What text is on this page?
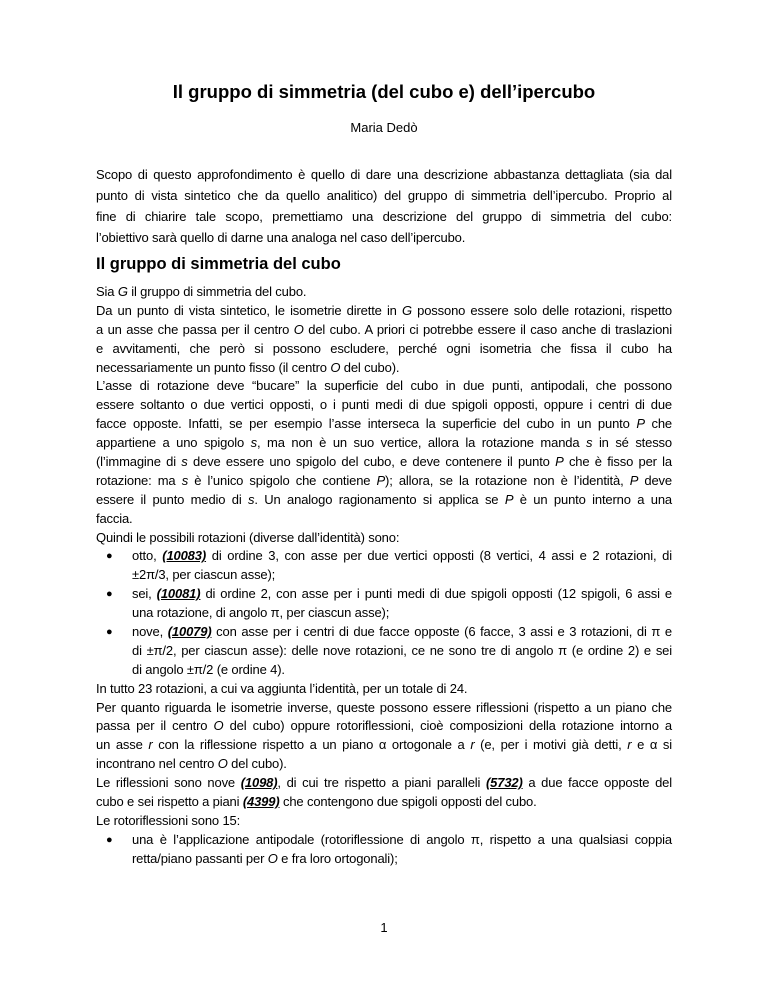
Il gruppo di simmetria (del cubo e) dell’ipercubo
Maria Dedò
Scopo di questo approfondimento è quello di dare una descrizione abbastanza dettagliata (sia dal
punto di vista sintetico che da quello analitico) del gruppo di simmetria dell’ipercubo. Proprio al
fine di chiarire tale scopo, premettiamo una descrizione del gruppo di simmetria del cubo:
l’obiettivo sarà quello di darne una analoga nel caso dell’ipercubo.
Il gruppo di simmetria del cubo
Sia G il gruppo di simmetria del cubo.
Da un punto di vista sintetico, le isometrie dirette in G possono essere solo delle rotazioni, rispetto
a un asse che passa per il centro O del cubo. A priori ci potrebbe essere il caso anche di traslazioni
e avvitamenti, che però si possono escludere, perché ogni isometria che fissa il cubo ha
necessariamente un punto fisso (il centro O del cubo).
L’asse di rotazione deve “bucare” la superficie del cubo in due punti, antipodali, che possono
essere soltanto o due vertici opposti, o i punti medi di due spigoli opposti, oppure i centri di due
facce opposte. Infatti, se per esempio l’asse interseca la superficie del cubo in un punto P che
appartiene a uno spigolo s, ma non è un suo vertice, allora la rotazione manda s in sé stesso
(l’immagine di s deve essere uno spigolo del cubo, e deve contenere il punto P che è fisso per la
rotazione: ma s è l’unico spigolo che contiene P); allora, se la rotazione non è l’identità, P deve
essere il punto medio di s. Un analogo ragionamento si applica se P è un punto interno a una
faccia.
Quindi le possibili rotazioni (diverse dall’identità) sono:
● otto, (10083) di ordine 3, con asse per due vertici opposti (8 vertici, 4 assi e 2 rotazioni, di
±2π/3, per ciascun asse);
● sei, (10081) di ordine 2, con asse per i punti medi di due spigoli opposti (12 spigoli, 6 assi e
una rotazione, di angolo π, per ciascun asse);
● nove, (10079) con asse per i centri di due facce opposte (6 facce, 3 assi e 3 rotazioni, di π e
di ±π/2, per ciascun asse): delle nove rotazioni, ce ne sono tre di angolo π (e ordine 2) e sei
di angolo ±π/2 (e ordine 4).
In tutto 23 rotazioni, a cui va aggiunta l’identità, per un totale di 24.
Per quanto riguarda le isometrie inverse, queste possono essere riflessioni (rispetto a un piano che
passa per il centro O del cubo) oppure rotoriflessioni, cioè composizioni della rotazione intorno a
un asse r con la riflessione rispetto a un piano α ortogonale a r (e, per i motivi già detti, r e α si
incontrano nel centro O del cubo).
Le riflessioni sono nove (1098), di cui tre rispetto a piani paralleli (5732) a due facce opposte del
cubo e sei rispetto a piani (4399) che contengono due spigoli opposti del cubo.
Le rotoriflessioni sono 15:
● una è l’applicazione antipodale (rotoriflessione di angolo π, rispetto a una qualsiasi coppia
retta/piano passanti per O e fra loro ortogonali);
1
